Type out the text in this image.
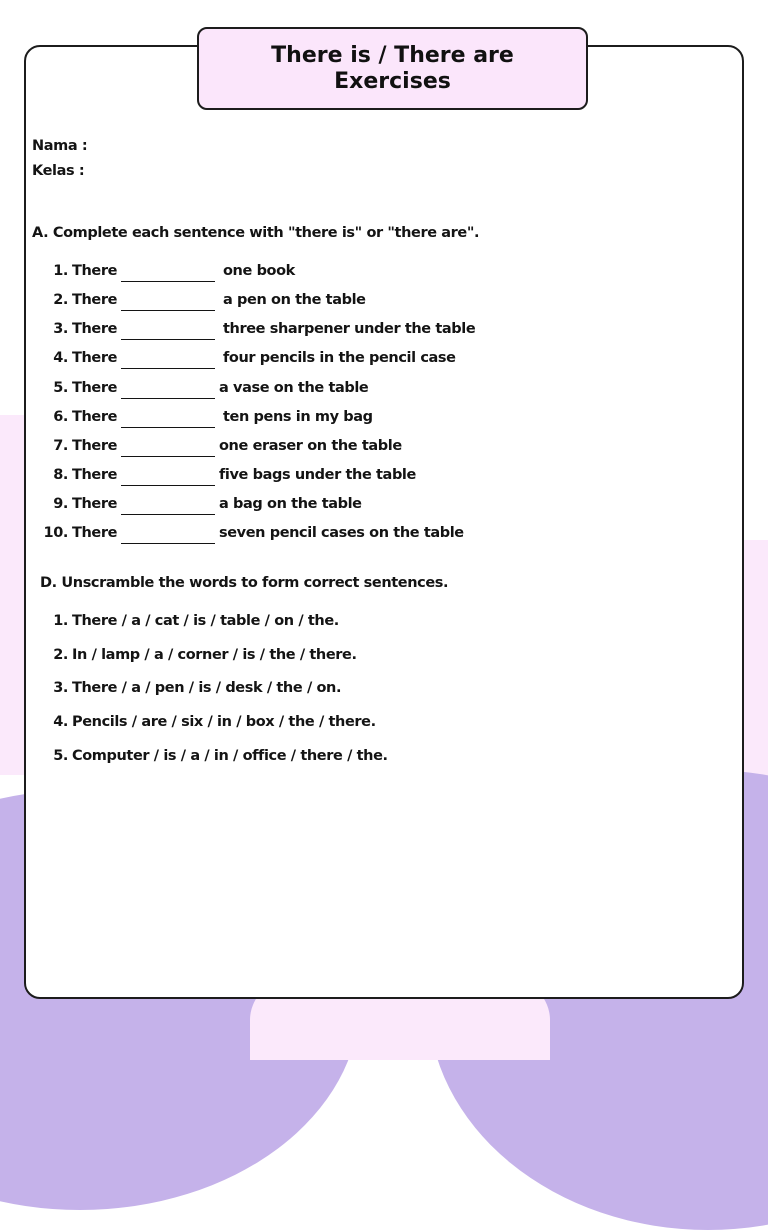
There is / There are
Exercises
Nama :
Kelas :
A. Complete each sentence with "there is" or "there are".
1. There	one book
2. There	a pen on the table
3. There	three sharpener under the table
4. There	four pencils in the pencil case
5. There	a vase on the table
6. There	ten pens in my bag
7. There	one eraser on the table
8. There	five bags under the table
9. There	a bag on the table
10. There	seven pencil cases on the table
D. Unscramble the words to form correct sentences.
1. There / a / cat / is / table / on / the.
2. In / lamp / a / corner / is / the / there.
3. There / a / pen / is / desk / the / on.
4. Pencils / are / six / in / box / the / there.
5. Computer / is / a / in / office / there / the.
